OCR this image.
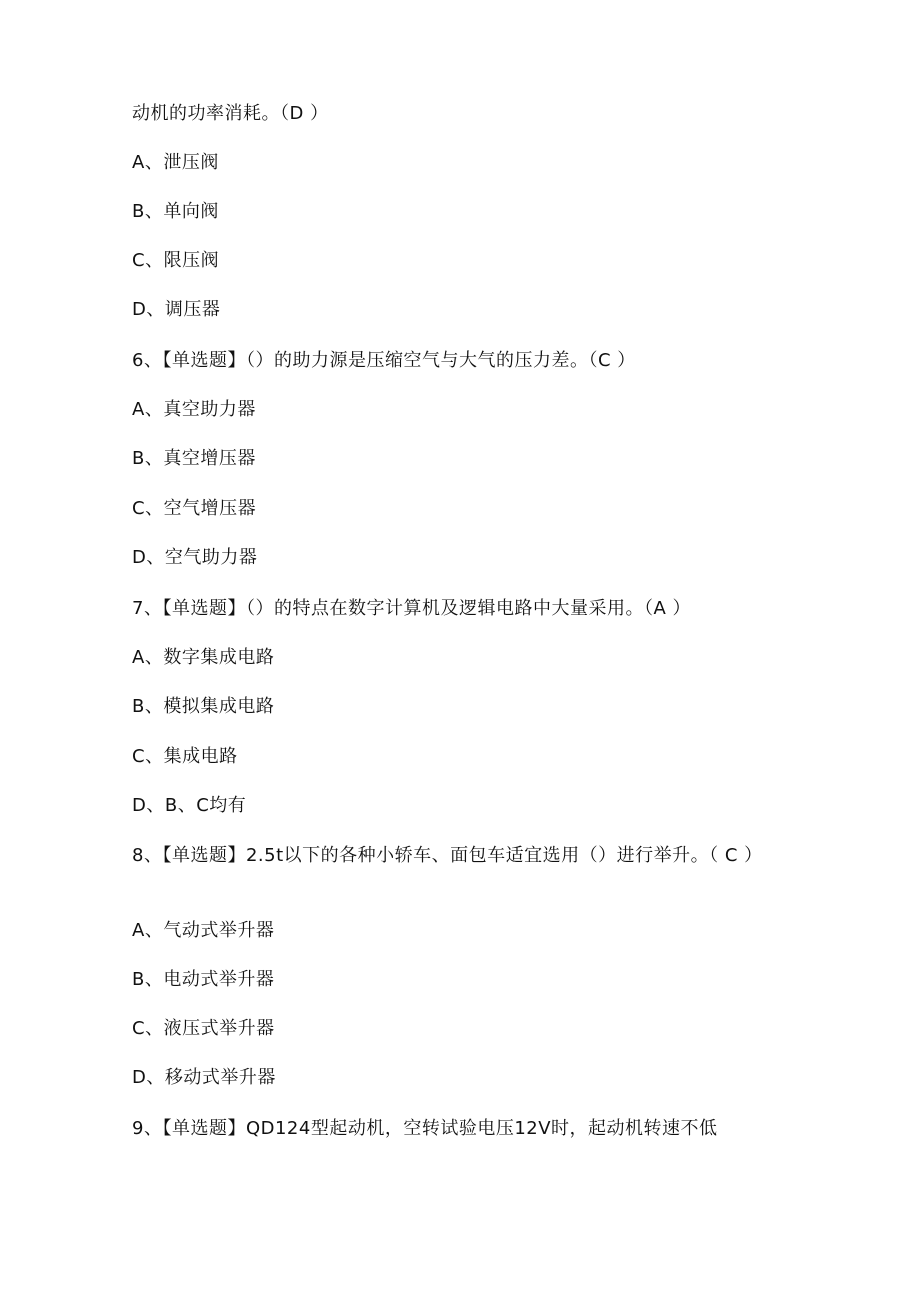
动机的功率消耗。（D ）
A、泄压阀
B、单向阀
C、限压阀
D、调压器
6、【单选题】（）的助力源是压缩空气与大气的压力差。（C ）
A、真空助力器
B、真空增压器
C、空气增压器
D、空气助力器
7、【单选题】（）的特点在数字计算机及逻辑电路中大量采用。（A ）
A、数字集成电路
B、模拟集成电路
C、集成电路
D、B、C均有
8、【单选题】2.5t以下的各种小轿车、面包车适宜选用（）进行举升。（ C ）
A、气动式举升器
B、电动式举升器
C、液压式举升器
D、移动式举升器
9、【单选题】QD124型起动机，空转试验电压12V时，起动机转速不低
